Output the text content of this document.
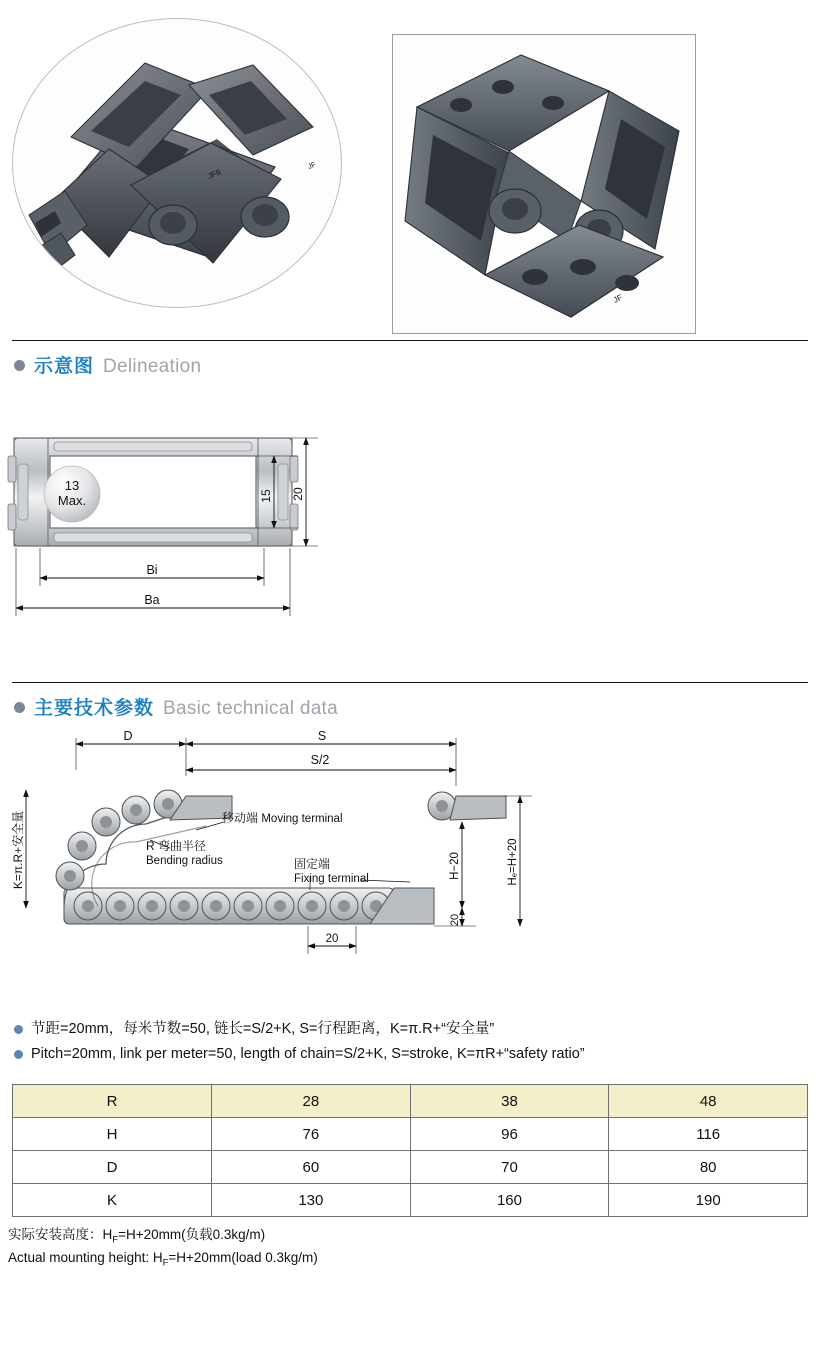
JF6
JF
JF
示意图 Delineation
13
Max.	15 20
Bi
Ba
主要技术参数 Basic technical data
D	S
S/2
K=π.R+安全量	移动端 Moving terminal
R 弯曲半径
Bending radius	固定端
Fixing terminal	H−20
20
Hₑ=H+20
20
节距=20mm，每米节数=50, 链长=S/2+K, S=行程距离，K=π.R+“安全量”
Pitch=20mm, link per meter=50, length of chain=S/2+K, S=stroke, K=πR+“safety ratio”
R	28	38	48
H	76	96	116
D	60	70	80
K	130	160	190
实际安装高度：$H_F=H+20mm$(负载0.3kg/m)
Actual mounting height: $H_F=H+20mm(load$ 0.3kg/m)
